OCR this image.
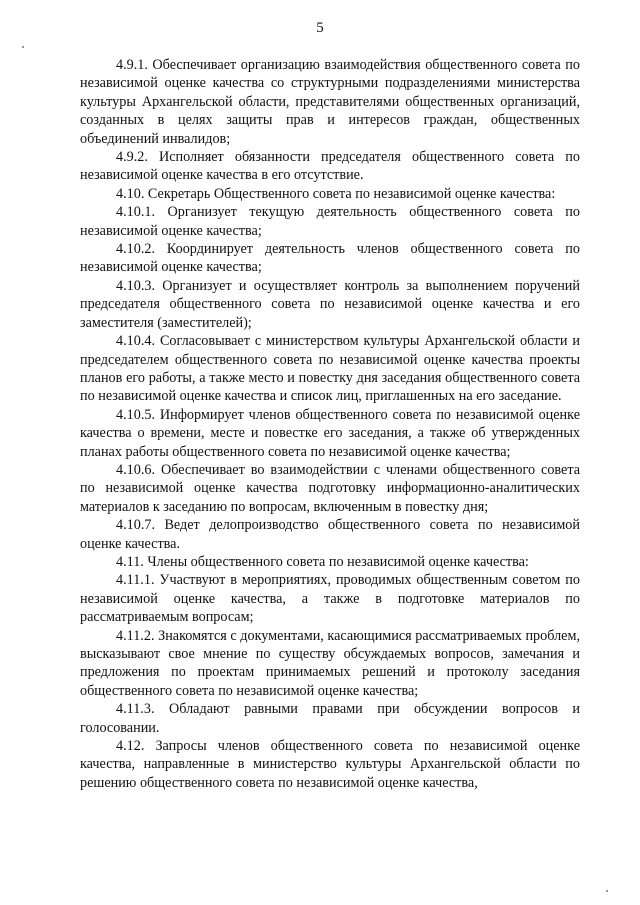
5

4.9.1. Обеспечивает организацию взаимодействия общественного совета по независимой оценке качества со структурными подразделениями министерства культуры Архангельской области, представителями общественных организаций, созданных в целях защиты прав и интересов граждан, общественных объединений инвалидов;

4.9.2. Исполняет обязанности председателя общественного совета по независимой оценке качества в его отсутствие.

4.10. Секретарь Общественного совета по независимой оценке качества:

4.10.1. Организует текущую деятельность общественного совета по независимой оценке качества;

4.10.2. Координирует деятельность членов общественного совета по независимой оценке качества;

4.10.3. Организует и осуществляет контроль за выполнением поручений председателя общественного совета по независимой оценке качества и его заместителя (заместителей);

4.10.4. Согласовывает с министерством культуры Архангельской области и председателем общественного совета по независимой оценке качества проекты планов его работы, а также место и повестку дня заседания общественного совета по независимой оценке качества и список лиц, приглашенных на его заседание.

4.10.5. Информирует членов общественного совета по независимой оценке качества о времени, месте и повестке его заседания, а также об утвержденных планах работы общественного совета по независимой оценке качества;

4.10.6. Обеспечивает во взаимодействии с членами общественного совета по независимой оценке качества подготовку информационно-аналитических материалов к заседанию по вопросам, включенным в повестку дня;

4.10.7. Ведет делопроизводство общественного совета по независимой оценке качества.

4.11. Члены общественного совета по независимой оценке качества:

4.11.1. Участвуют в мероприятиях, проводимых общественным советом по независимой оценке качества, а также в подготовке материалов по рассматриваемым вопросам;

4.11.2. Знакомятся с документами, касающимися рассматриваемых проблем, высказывают свое мнение по существу обсуждаемых вопросов, замечания и предложения по проектам принимаемых решений и протоколу заседания общественного совета по независимой оценке качества;

4.11.3. Обладают равными правами при обсуждении вопросов и голосовании.

4.12. Запросы членов общественного совета по независимой оценке качества, направленные в министерство культуры Архангельской области по решению общественного совета по независимой оценке качества,
